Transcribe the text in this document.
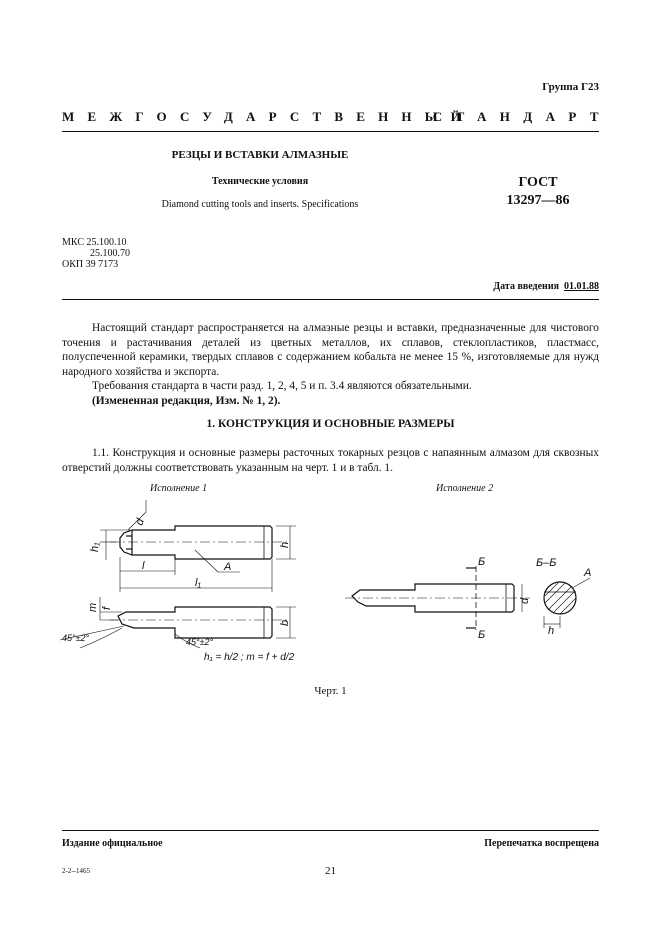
Группа Г23
МЕЖГОСУДАРСТВЕННЫЙ
СТАНДАРТ
РЕЗЦЫ И ВСТАВКИ АЛМАЗНЫЕ
Технические условия
Diamond cutting tools and inserts. Specifications
ГОСТ
13297—86
МКС 25.100.10
25.100.70
ОКП 39 7173
Дата введения 01.01.88
Настоящий стандарт распространяется на алмазные резцы и вставки, предназначенные для чистового точения и растачивания деталей из цветных металлов, их сплавов, стеклопластиков, пластмасс, полуспеченной керамики, твердых сплавов с содержанием кобальта не менее 15 %, изготовляемые для нужд народного хозяйства и экспорта.
Требования стандарта в части разд. 1, 2, 4, 5 и п. 3.4 являются обязательными.
(Измененная редакция, Изм. № 1, 2).
1. КОНСТРУКЦИЯ И ОСНОВНЫЕ РАЗМЕРЫ
1.1. Конструкция и основные размеры расточных токарных резцов с напаянным алмазом для сквозных отверстий должны соответствовать указанным на черт. 1 и в табл. 1.
Исполнение 1	Исполнение 2
d
h₁	h
l
l₁
A
m f
b
45°±2°	45°±2°
h₁ = h/2 ; m = f + d/2
Б
Б
Б–Б
A
d
h
Черт. 1
Издание официальное	Перепечатка воспрещена
2-2--1465	21
